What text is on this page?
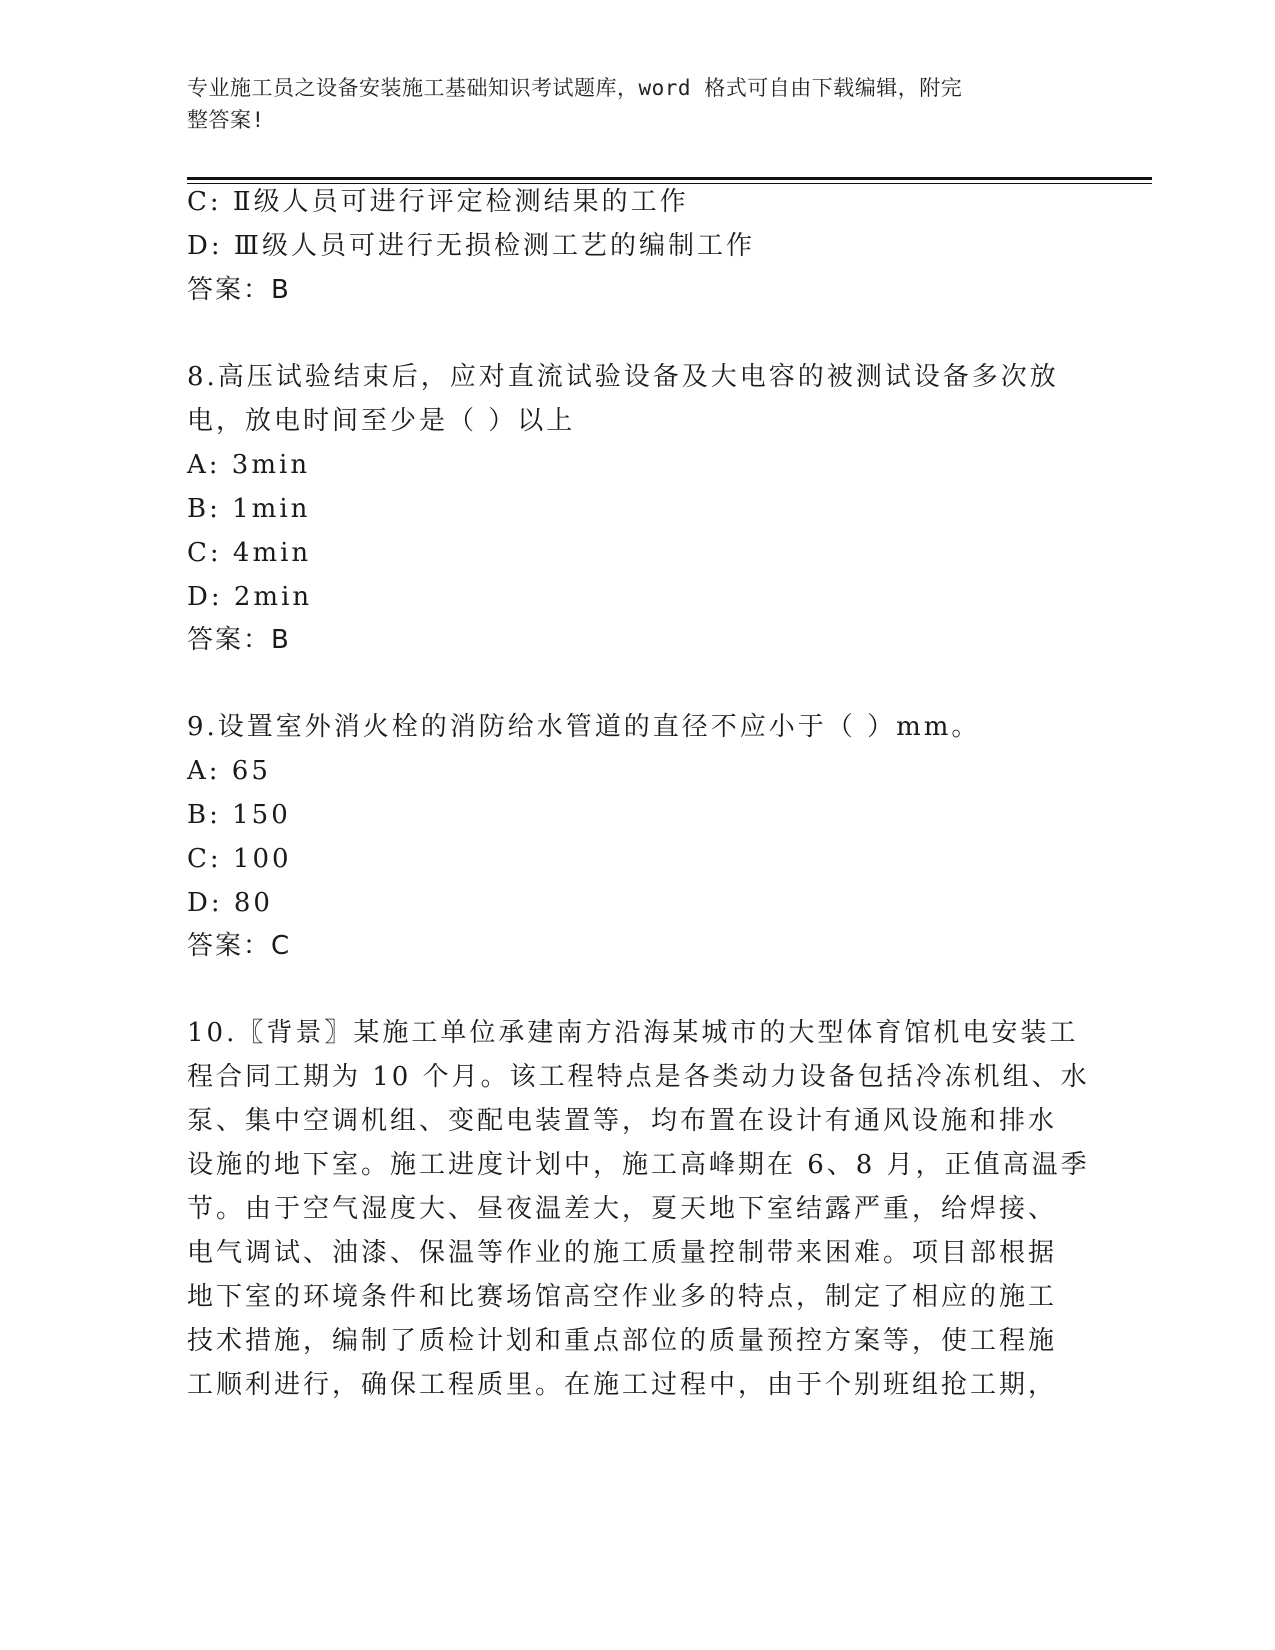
专业施工员之设备安装施工基础知识考试题库，word 格式可自由下载编辑，附完
整答案!
C: Ⅱ级人员可进行评定检测结果的工作
D: Ⅲ级人员可进行无损检测工艺的编制工作
答案：B
8.高压试验结束后，应对直流试验设备及大电容的被测试设备多次放
电，放电时间至少是（ ）以上
A: 3min
B: 1min
C: 4min
D: 2min
答案：B
9.设置室外消火栓的消防给水管道的直径不应小于（ ）mm。
A: 65
B: 150
C: 100
D: 80
答案：C
10.〖背景〗某施工单位承建南方沿海某城市的大型体育馆机电安装工
程合同工期为 10 个月。该工程特点是各类动力设备包括冷冻机组、水
泵、集中空调机组、变配电装置等，均布置在设计有通风设施和排水
设施的地下室。施工进度计划中，施工高峰期在 6、8 月，正值高温季
节。由于空气湿度大、昼夜温差大，夏天地下室结露严重，给焊接、
电气调试、油漆、保温等作业的施工质量控制带来困难。项目部根据
地下室的环境条件和比赛场馆高空作业多的特点，制定了相应的施工
技术措施，编制了质检计划和重点部位的质量预控方案等，使工程施
工顺利进行，确保工程质里。在施工过程中，由于个别班组抢工期，
